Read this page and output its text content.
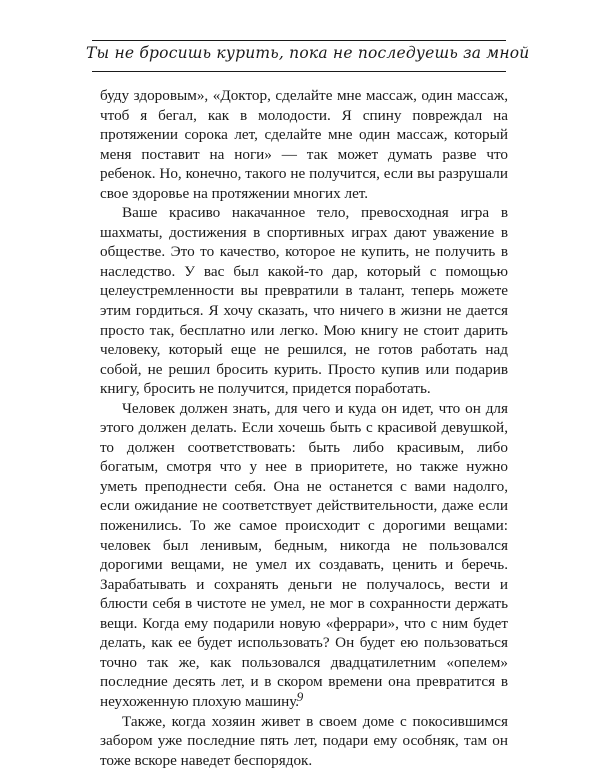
Ты не бросишь курить, пока не последуешь за мной

буду здоровым», «Доктор, сделайте мне массаж, один массаж, чтоб я бегал, как в молодости. Я спину повреждал на протяжении сорока лет, сделайте мне один массаж, который меня поставит на ноги» — так может думать разве что ребенок. Но, конечно, такого не получится, если вы разрушали свое здоровье на протяжении многих лет.

Ваше красиво накачанное тело, превосходная игра в шахматы, достижения в спортивных играх дают уважение в обществе. Это то качество, которое не купить, не получить в наследство. У вас был какой-то дар, который с помощью целеустремленности вы превратили в талант, теперь можете этим гордиться. Я хочу сказать, что ничего в жизни не дается просто так, бесплатно или легко. Мою книгу не стоит дарить человеку, который еще не решился, не готов работать над собой, не решил бросить курить. Просто купив или подарив книгу, бросить не получится, придется поработать.

Человек должен знать, для чего и куда он идет, что он для этого должен делать. Если хочешь быть с красивой девушкой, то должен соответствовать: быть либо красивым, либо богатым, смотря что у нее в приоритете, но также нужно уметь преподнести себя. Она не останется с вами надолго, если ожидание не соответствует действительности, даже если поженились. То же самое происходит с дорогими вещами: человек был ленивым, бедным, никогда не пользовался дорогими вещами, не умел их создавать, ценить и беречь. Зарабатывать и сохранять деньги не получалось, вести и блюсти себя в чистоте не умел, не мог в сохранности держать вещи. Когда ему подарили новую «феррари», что с ним будет делать, как ее будет использовать? Он будет ею пользоваться точно так же, как пользовался двадцатилетним «опелем» последние десять лет, и в скором времени она превратится в неухоженную плохую машину.

Также, когда хозяин живет в своем доме с покосившимся забором уже последние пять лет, подари ему особняк, там он тоже вскоре наведет беспорядок.

9
